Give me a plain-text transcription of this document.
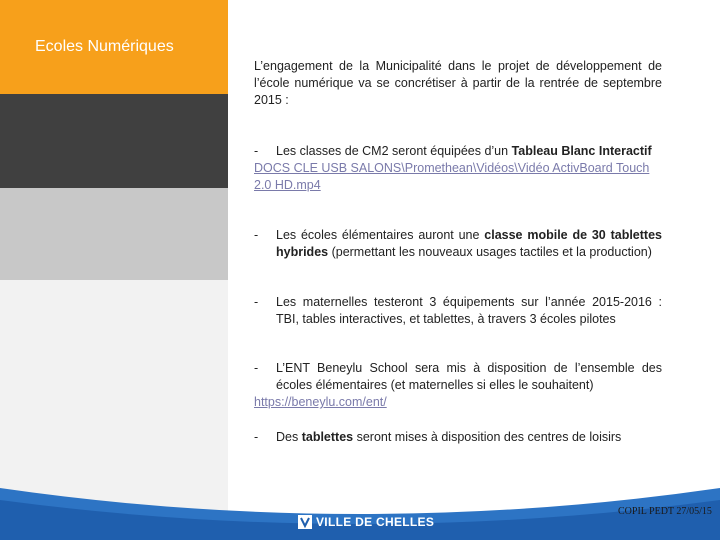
Ecoles Numériques
L’engagement de la Municipalité dans le projet de développement de l’école numérique va se concrétiser à partir de la rentrée de septembre 2015 :
- Les classes de CM2 seront équipées d’un Tableau Blanc Interactif
DOCS CLE USB SALONS\Promethean\Vidéos\Vidéo ActivBoard Touch 2.0 HD.mp4
- Les écoles élémentaires auront une classe mobile de 30 tablettes hybrides (permettant les nouveaux usages tactiles et la production)
- Les maternelles testeront 3 équipements sur l’année 2015-2016 : TBI, tables interactives, et tablettes, à travers 3 écoles pilotes
- L’ENT Beneylu School sera mis à disposition de l’ensemble des écoles élémentaires (et maternelles si elles le souhaitent)
https://beneylu.com/ent/
- Des tablettes seront mises à disposition des centres de loisirs
VILLE DE CHELLES
COPIL PEDT 27/05/15
